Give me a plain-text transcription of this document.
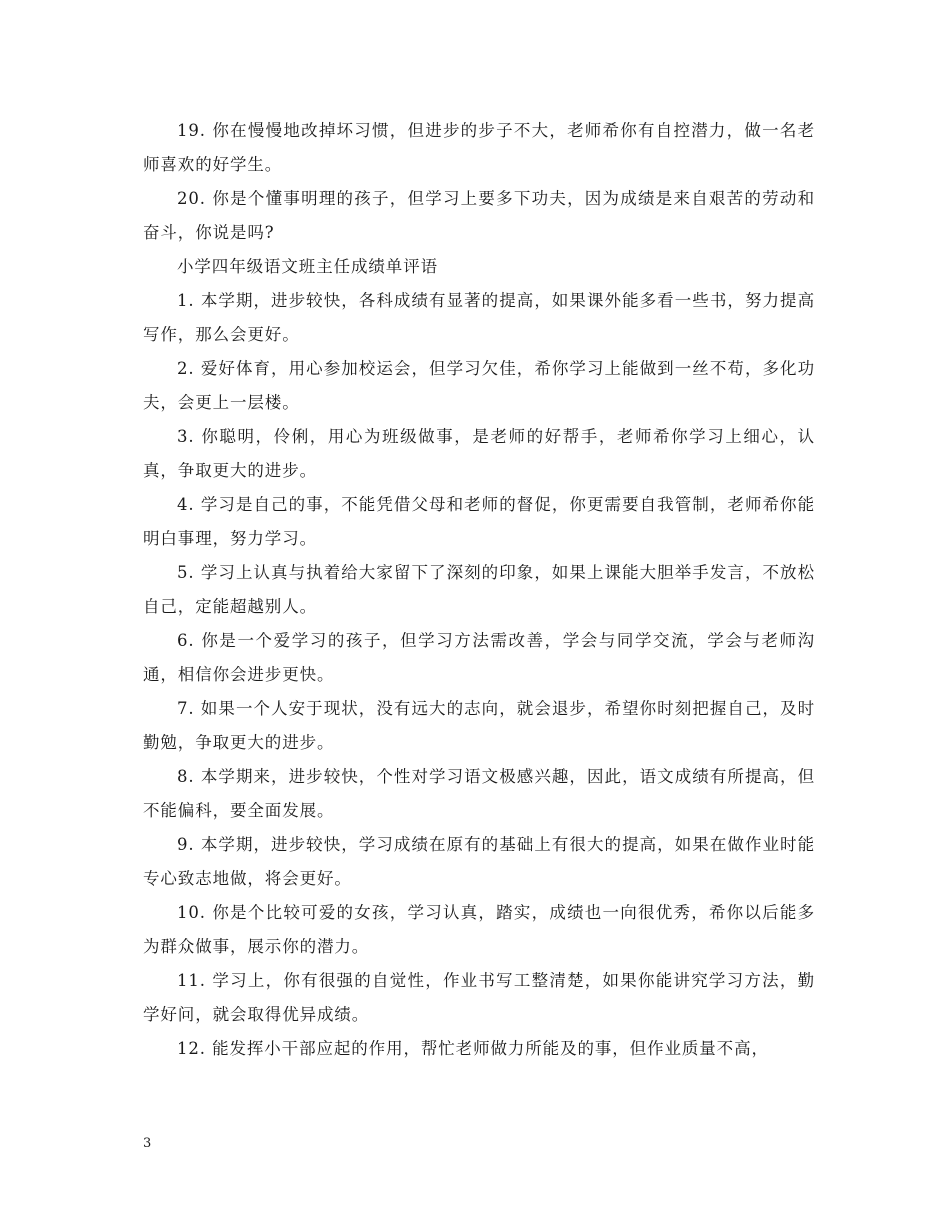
19. 你在慢慢地改掉坏习惯，但进步的步子不大，老师希你有自控潜力，做一名老师喜欢的好学生。

20. 你是个懂事明理的孩子，但学习上要多下功夫，因为成绩是来自艰苦的劳动和奋斗，你说是吗?

小学四年级语文班主任成绩单评语

1. 本学期，进步较快，各科成绩有显著的提高，如果课外能多看一些书，努力提高写作，那么会更好。

2. 爱好体育，用心参加校运会，但学习欠佳，希你学习上能做到一丝不苟，多化功夫，会更上一层楼。

3. 你聪明，伶俐，用心为班级做事，是老师的好帮手，老师希你学习上细心，认真，争取更大的进步。

4. 学习是自己的事，不能凭借父母和老师的督促，你更需要自我管制，老师希你能明白事理，努力学习。

5. 学习上认真与执着给大家留下了深刻的印象，如果上课能大胆举手发言，不放松自己，定能超越别人。

6. 你是一个爱学习的孩子，但学习方法需改善，学会与同学交流，学会与老师沟通，相信你会进步更快。

7. 如果一个人安于现状，没有远大的志向，就会退步，希望你时刻把握自己，及时勤勉，争取更大的进步。

8. 本学期来，进步较快，个性对学习语文极感兴趣，因此，语文成绩有所提高，但不能偏科，要全面发展。

9. 本学期，进步较快，学习成绩在原有的基础上有很大的提高，如果在做作业时能专心致志地做，将会更好。

10. 你是个比较可爱的女孩，学习认真，踏实，成绩也一向很优秀，希你以后能多为群众做事，展示你的潜力。

11. 学习上，你有很强的自觉性，作业书写工整清楚，如果你能讲究学习方法，勤学好问，就会取得优异成绩。

12. 能发挥小干部应起的作用，帮忙老师做力所能及的事，但作业质量不高，

3
